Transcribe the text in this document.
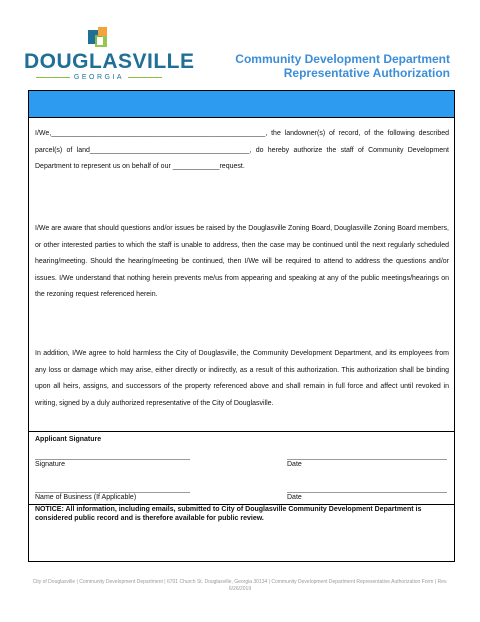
DOUGLASVILLE
GEORGIA
Community Development Department
Representative Authorization
I/We,_______________________________________________________, the landowner(s) of record, of the following described parcel(s) of land_________________________________________, do hereby authorize the staff of Community Development Department to represent us on behalf of our ____________request.
I/We are aware that should questions and/or issues be raised by the Douglasville Zoning Board, Douglasville Zoning Board members, or other interested parties to which the staff is unable to address, then the case may be continued until the next regularly scheduled hearing/meeting. Should the hearing/meeting be continued, then I/We will be required to attend to address the questions and/or issues. I/We understand that nothing herein prevents me/us from appearing and speaking at any of the public meetings/hearings on the rezoning request referenced herein.
In addition, I/We agree to hold harmless the City of Douglasville, the Community Development Department, and its employees from any loss or damage which may arise, either directly or indirectly, as a result of this authorization. This authorization shall be binding upon all heirs, assigns, and successors of the property referenced above and shall remain in full force and affect until revoked in writing, signed by a duly authorized representative of the City of Douglasville.
Applicant Signature
Signature	Date
Name of Business (If Applicable)	Date
NOTICE: All information, including emails, submitted to City of Douglasville Community Development Department is considered public record and is therefore available for public review.
City of Douglasville | Community Development Department | 6701 Church St. Douglasville, Georgia 30134 | Community Development Department Representative Authorization Form | Rev. 6/26/2019
